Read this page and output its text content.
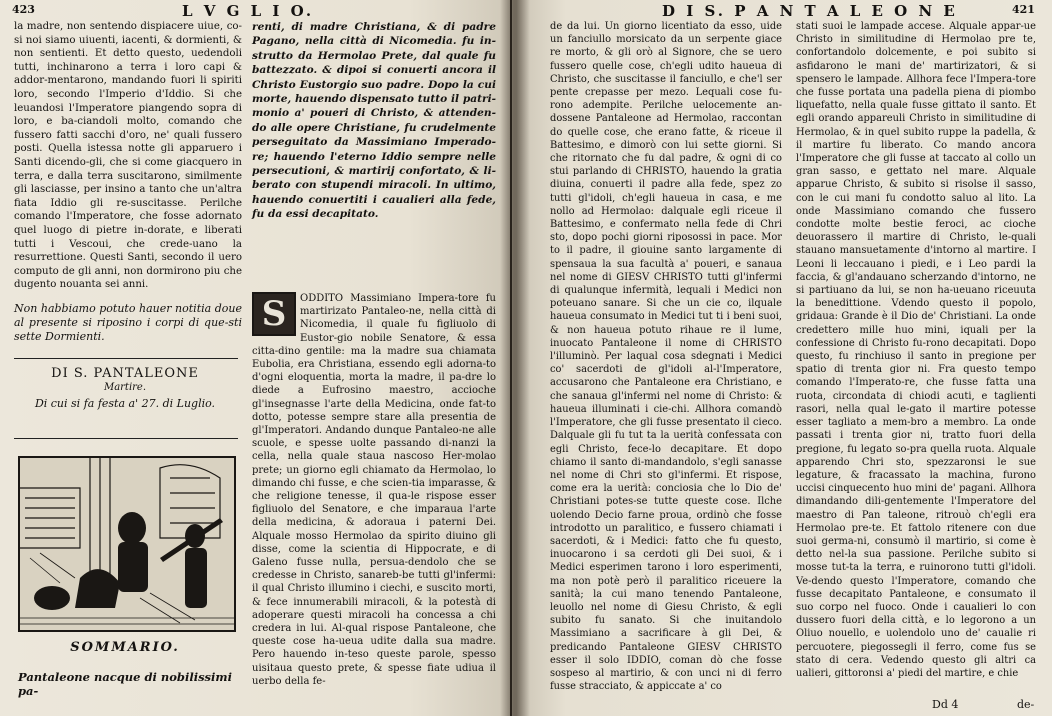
423	L V G L I O.

la madre, non sentendo dispiacere uiue, co-si noi siamo uiuenti, iacenti, & dormienti, & non sentienti. Et detto questo, uedendoli tutti, inchinarono a terra i loro capi & addor-mentarono, mandando fuori li spiriti loro, secondo l'Imperio d'Iddio. Si che leuandosi l'Imperatore piangendo sopra di loro, e ba-ciandoli molto, comando che fussero fatti sacchi d'oro, ne' quali fussero posti. Quella istessa notte gli apparuero i Santi dicendo-gli, che si come giacquero in terra, e dalla terra suscitarono, similmente gli lasciasse, per insino a tanto che un'altra fiata Iddio gli re-suscitasse. Perilche comando l'Imperatore, che fosse adornato quel luogo di pietre in-dorate, e liberati tutti i Vescoui, che crede-uano la resurrettione. Questi Santi, secondo il uero computo de gli anni, non dormirono piu che dugento nouanta sei anni.

Non habbiamo potuto hauer notitia doue al presente si riposino i corpi di que-sti sette Dormienti.

DI S. PANTALEONE
Martire.
Di cui si fa festa a' 27. di Luglio.
SOMMARIO.
Pantaleone nacque di nobilissimi pa-
renti, di madre Christiana, & di padre Pagano, nella città di Nicomedia. fu in-strutto da Hermolao Prete, dal quale fu battezzato. & dipoi si conuerti ancora il Christo Eustorgio suo padre. Dopo la cui morte, hauendo dispensato tutto il patri-monio a' poueri di Christo, & attenden-do alle opere Christiane, fu crudelmente perseguitato da Massimiano Imperado-re; hauendo l'eterno Iddio sempre nelle persecutioni, & martirij confortato, & li-berato con stupendi miracoli. In ultimo, hauendo conuertiti i caualieri alla fede, fu da essi decapitato.
S	ODDITO Massimiano Impera-tore fu martirizato Pantaleo-ne, nella città di Nicomedia, il quale fu figliuolo di Eustor-gio nobile Senatore, & essa citta-dino gentile: ma la madre sua chiamata Eubolia, era Christiana, essendo egli adorna-to d'ogni eloquentia, morta la madre, il pa-dre lo diede a Eufrosino maestro, accioche gl'insegnasse l'arte della Medicina, onde fat-to dotto, potesse sempre stare alla presentia de gl'Imperatori. Andando dunque Pantaleo-ne alle scuole, e spesse uolte passando di-nanzi la cella, nella quale staua nascoso Her-molao prete; un giorno egli chiamato da Hermolao, lo dimando chi fusse, e che scien-tia imparasse, & che religione tenesse, il qua-le rispose esser figliuolo del Senatore, e che imparaua l'arte della medicina, & adoraua i paterni Dei. Alquale mosso Hermolao da spirito diuino gli disse, come la scientia di Hippocrate, e di Galeno fusse nulla, persua-dendolo che se credesse in Christo, sanareb-be tutti gl'infermi: il qual Christo illumino i ciechi, e suscito morti, & fece innumerabili miracoli, & la potestà di adoperare questi miracoli ha concessa a chi credera in lui. Al-qual rispose Pantaleone, che queste cose ha-ueua udite dalla sua madre. Pero hauendo in-teso queste parole, spesso uisitaua questo prete, & spesse fiate udiua il uerbo della fe-

D I S. P A N T A L E O N E	421
de da lui. Un giorno licentiato da esso, uide un fanciullo morsicato da un serpente giace re morto, & gli orò al Signore, che se uero fussero quelle cose, ch'egli udito haueua di Christo, che suscitasse il fanciullo, e che'l ser pente crepasse per mezo. Lequali cose fu-rono adempite. Perilche uelocemente an-dossene Pantaleone ad Hermolao, raccontan do quelle cose, che erano fatte, & riceue il Battesimo, e dimorò con lui sette giorni. Si che ritornato che fu dal padre, & ogni di co stui parlando di CHRISTO, hauendo la gratia diuina, conuerti il padre alla fede, spez zo tutti gl'idoli, ch'egli haueua in casa, e me nollo ad Hermolao: dalquale egli riceue il Battesimo, e confermato nella fede di Chri sto, dopo pochi giorni riposossi in pace. Mor to il padre, il giouine santo largamente di spensaua la sua facultà a' poueri, e sanaua nel nome di GIESV CHRISTO tutti gl'infermi di qualunque infermità, lequali i Medici non poteuano sanare. Si che un cie co, ilquale haueua consumato in Medici tut ti i beni suoi, & non haueua potuto rihaue re il lume, inuocato Pantaleone il nome di CHRISTO l'illuminò. Per laqual cosa sdegnati i Medici co' sacerdoti de gl'idoli al-l'Imperatore, accusarono che Pantaleone era Christiano, e che sanaua gl'infermi nel nome di Christo: & haueua illuminati i cie-chi. Allhora comandò l'Imperatore, che gli fusse presentato il cieco. Dalquale gli fu tut ta la uerità confessata con egli Christo, fece-lo decapitare. Et dopo chiamo il santo di-mandandolo, s'egli sanasse nel nome di Chri sto gl'infermi. Et rispose, come era la uerità: conciosia che lo Dio de' Christiani potes-se tutte queste cose. Ilche uolendo Decio farne proua, ordinò che fosse introdotto un paralitico, e fussero chiamati i sacerdoti, & i Medici: fatto che fu questo, inuocarono i sa cerdoti gli Dei suoi, & i Medici esperimen tarono i loro esperimenti, ma non potè però il paralitico riceuere la sanità; la cui mano tenendo Pantaleone, leuollo nel nome di Giesu Christo, & egli subito fu sanato. Si che inuitandolo Massimiano a sacrificare à gli Dei, & predicando Pantaleone GIESV CHRISTO esser il solo IDDIO, coman dò che fosse sospeso al martirio, & con unci ni di ferro fusse stracciato, & appiccate a' co
stati suoi le lampade accese. Alquale appar-ue Christo in similitudine di Hermolao pre te, confortandolo dolcemente, e poi subito si asfidarono le mani de' martirizatori, & si spensero le lampade. Allhora fece l'Impera-tore che fusse portata una padella piena di piombo liquefatto, nella quale fusse gittato il santo. Et egli orando appareuli Christo in similitudine di Hermolao, & in quel subito ruppe la padella, & il martire fu liberato. Co mando ancora l'Imperatore che gli fusse at taccato al collo un gran sasso, e gettato nel mare. Alquale apparue Christo, & subito si risolse il sasso, con le cui mani fu condotto saluo al lito. La onde Massimiano comando che fussero condotte molte bestie feroci, ac cioche deuorassero il martire di Christo, le-quali stauano mansuetamente d'intorno al martire. I Leoni li leccauano i piedi, e i Leo pardi la faccia, & gl'andauano scherzando d'intorno, ne si partiuano da lui, se non ha-ueuano riceuuta la benedittione. Vdendo questo il popolo, gridaua: Grande è il Dio de' Christiani. La onde credettero mille huo mini, iquali per la confessione di Christo fu-rono decapitati. Dopo questo, fu rinchiuso il santo in pregione per spatio di trenta gior ni. Fra questo tempo comando l'Imperato-re, che fusse fatta una ruota, circondata di chiodi acuti, e taglienti rasori, nella qual le-gato il martire potesse esser tagliato a mem-bro a membro. La onde passati i trenta gior ni, tratto fuori della pregione, fu legato so-pra quella ruota. Alquale apparendo Chri sto, spezzaronsi le sue legature, & fracassato la machina, furono uccisi cinquecento huo mini de' pagani. Allhora dimandando dili-gentemente l'Imperatore del maestro di Pan taleone, ritrouò ch'egli era Hermolao pre-te. Et fattolo ritenere con due suoi germa-ni, consumò il martirio, si come è detto nel-la sua passione. Perilche subito si mosse tut-ta la terra, e ruinorono tutti gl'idoli. Ve-dendo questo l'Imperatore, comando che fusse decapitato Pantaleone, e consumato il suo corpo nel fuoco. Onde i caualieri lo con dussero fuori della città, e lo legorono a un Oliuo nouello, e uolendolo uno de' caualie ri percuotere, piegossegli il ferro, come fus se stato di cera. Vedendo questo gli altri ca ualieri, gittoronsi a' piedi del martire, e chie
Dd 4	de-
